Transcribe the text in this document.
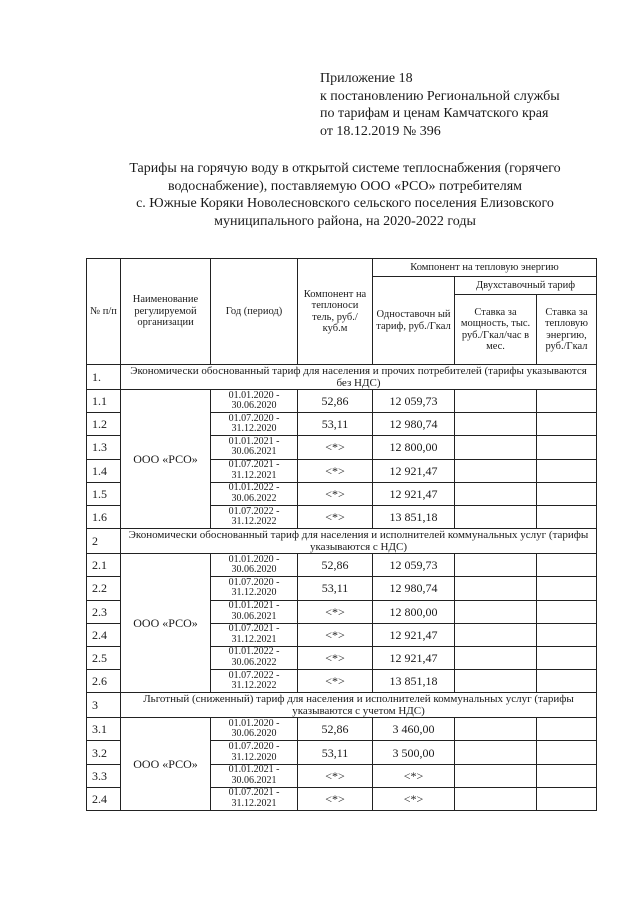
Приложение 18
к постановлению Региональной службы
по тарифам и ценам Камчатского края
от 18.12.2019 № 396
Тарифы на горячую воду в открытой системе теплоснабжения (горячего
водоснабжение), поставляемую ООО «РСО» потребителям
с. Южные Коряки Новолесновского сельского поселения Елизовского
муниципального района, на 2020-2022 годы
№ п/п	Наименование регулируемой организации	Год (период)	Компонент на теплоноси тель, руб./куб.м	Компонент на тепловую энергию		
				Одноставочн ый тариф, руб./Гкал	Двухставочный тариф	
					Ставка за мощность, тыс. руб./Гкал/час в мес.	Ставка за тепловую энергию, руб./Гкал
1.	Экономически обоснованный тариф для населения и прочих потребителей (тарифы указываются без НДС)					
1.1	ООО «РСО»	01.01.2020 - 30.06.2020	52,86	12 059,73		
1.2		01.07.2020 - 31.12.2020	53,11	12 980,74		
1.3		01.01.2021 - 30.06.2021	<*>	12 800,00		
1.4		01.07.2021 - 31.12.2021	<*>	12 921,47		
1.5		01.01.2022 - 30.06.2022	<*>	12 921,47		
1.6		01.07.2022 - 31.12.2022	<*>	13 851,18		
2	Экономически обоснованный тариф для населения и исполнителей коммунальных услуг (тарифы указываются с НДС)					
2.1	ООО «РСО»	01.01.2020 - 30.06.2020	52,86	12 059,73		
2.2		01.07.2020 - 31.12.2020	53,11	12 980,74		
2.3		01.01.2021 - 30.06.2021	<*>	12 800,00		
2.4		01.07.2021 - 31.12.2021	<*>	12 921,47		
2.5		01.01.2022 - 30.06.2022	<*>	12 921,47		
2.6		01.07.2022 - 31.12.2022	<*>	13 851,18		
3	Льготный (сниженный) тариф для населения и исполнителей коммунальных услуг (тарифы указываются с учетом НДС)					
3.1	ООО «РСО»	01.01.2020 - 30.06.2020	52,86	3 460,00		
3.2		01.07.2020 - 31.12.2020	53,11	3 500,00		
3.3		01.01.2021 - 30.06.2021	<*>	<*>		
2.4		01.07.2021 - 31.12.2021	<*>	<*>		
